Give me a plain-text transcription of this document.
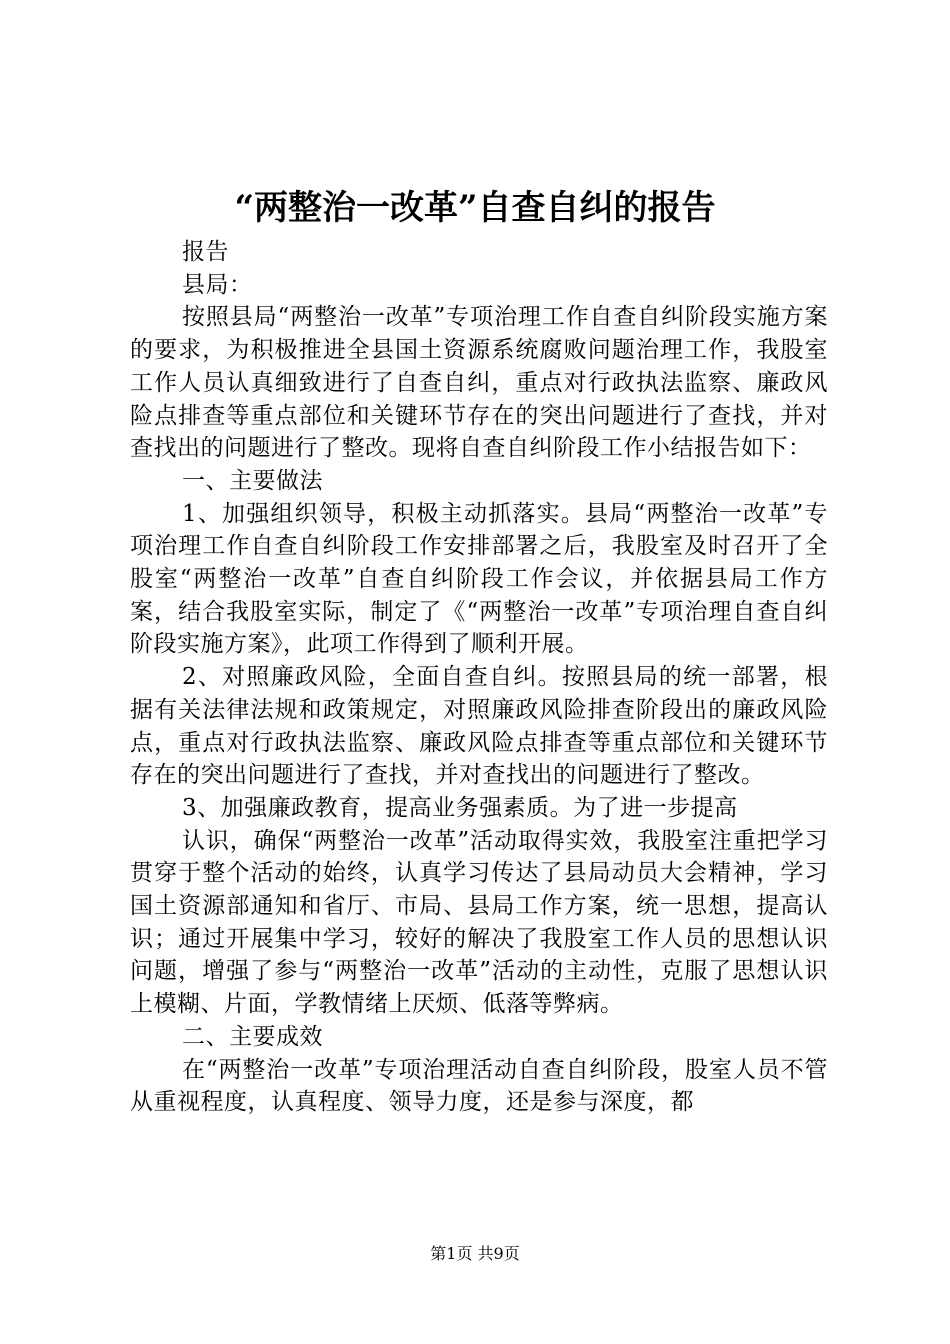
“两整治一改革”自查自纠的报告

报告

县局：

按照县局“两整治一改革”专项治理工作自查自纠阶段实施方案的要求，为积极推进全县国土资源系统腐败问题治理工作，我股室工作人员认真细致进行了自查自纠，重点对行政执法监察、廉政风险点排查等重点部位和关键环节存在的突出问题进行了查找，并对查找出的问题进行了整改。现将自查自纠阶段工作小结报告如下：

一、主要做法

1、加强组织领导，积极主动抓落实。县局“两整治一改革”专项治理工作自查自纠阶段工作安排部署之后，我股室及时召开了全股室“两整治一改革”自查自纠阶段工作会议，并依据县局工作方案，结合我股室实际，制定了《“两整治一改革”专项治理自查自纠阶段实施方案》，此项工作得到了顺利开展。

2、对照廉政风险，全面自查自纠。按照县局的统一部署，根据有关法律法规和政策规定，对照廉政风险排查阶段出的廉政风险点，重点对行政执法监察、廉政风险点排查等重点部位和关键环节存在的突出问题进行了查找，并对查找出的问题进行了整改。

3、加强廉政教育，提高业务强素质。为了进一步提高

认识，确保“两整治一改革”活动取得实效，我股室注重把学习贯穿于整个活动的始终，认真学习传达了县局动员大会精神，学习国土资源部通知和省厅、市局、县局工作方案，统一思想，提高认识；通过开展集中学习，较好的解决了我股室工作人员的思想认识问题，增强了参与“两整治一改革”活动的主动性，克服了思想认识上模糊、片面，学教情绪上厌烦、低落等弊病。

二、主要成效

在“两整治一改革”专项治理活动自查自纠阶段，股室人员不管从重视程度，认真程度、领导力度，还是参与深度，都

第1页 共9页
